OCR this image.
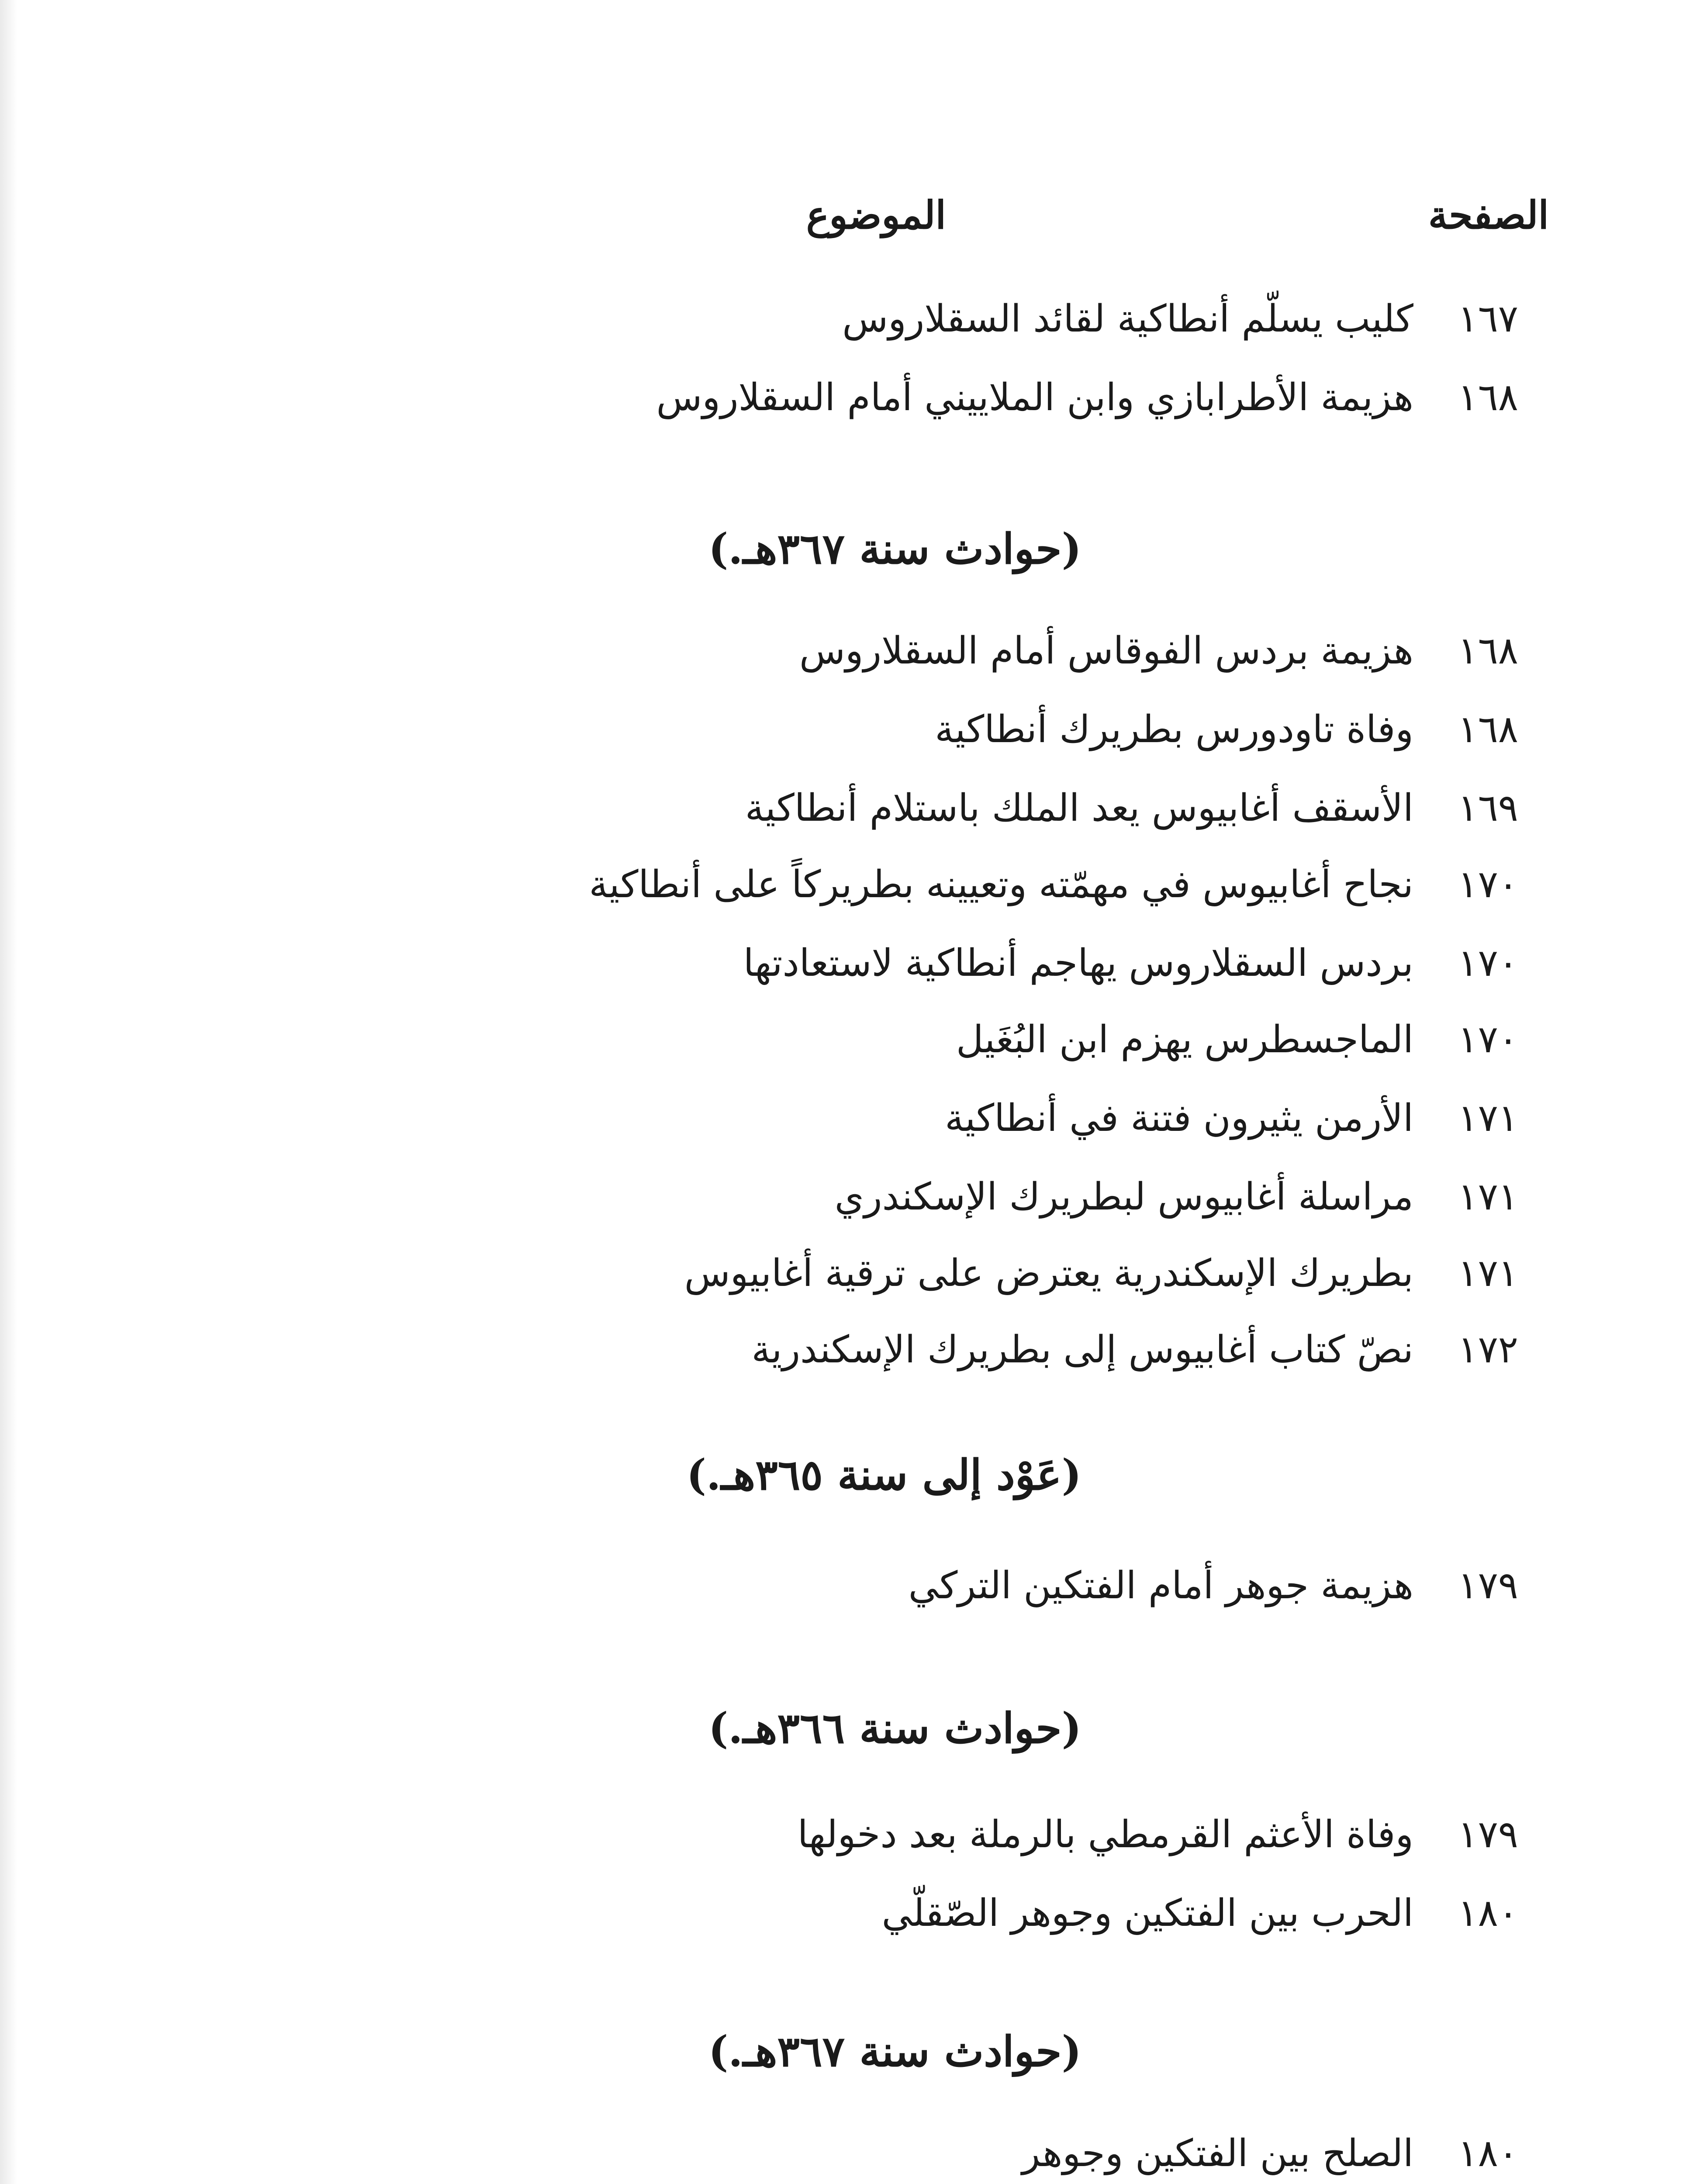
الصفحة
الموضوع
١٦٧
كليب يسلّم أنطاكية لقائد السقلاروس
١٦٨
هزيمة الأطرابازي وابن الملاييني أمام السقلاروس
(حوادث سنة ٣٦٧هـ.)
١٦٨
هزيمة بردس الفوقاس أمام السقلاروس
١٦٨
وفاة تاودورس بطريرك أنطاكية
١٦٩
الأسقف أغابيوس يعد الملك باستلام أنطاكية
١٧٠
نجاح أغابيوس في مهمّته وتعيينه بطريركاً على أنطاكية
١٧٠
بردس السقلاروس يهاجم أنطاكية لاستعادتها
١٧٠
الماجسطرس يهزم ابن البُغَيل
١٧١
الأرمن يثيرون فتنة في أنطاكية
١٧١
مراسلة أغابيوس لبطريرك الإسكندري
١٧١
بطريرك الإسكندرية يعترض على ترقية أغابيوس
١٧٢
نصّ كتاب أغابيوس إلى بطريرك الإسكندرية
(عَوْد إلى سنة ٣٦٥هـ.)
١٧٩
هزيمة جوهر أمام الفتكين التركي
(حوادث سنة ٣٦٦هـ.)
١٧٩
وفاة الأعثم القرمطي بالرملة بعد دخولها
١٨٠
الحرب بين الفتكين وجوهر الصّقلّي
(حوادث سنة ٣٦٧هـ.)
١٨٠
الصلح بين الفتكين وجوهر
